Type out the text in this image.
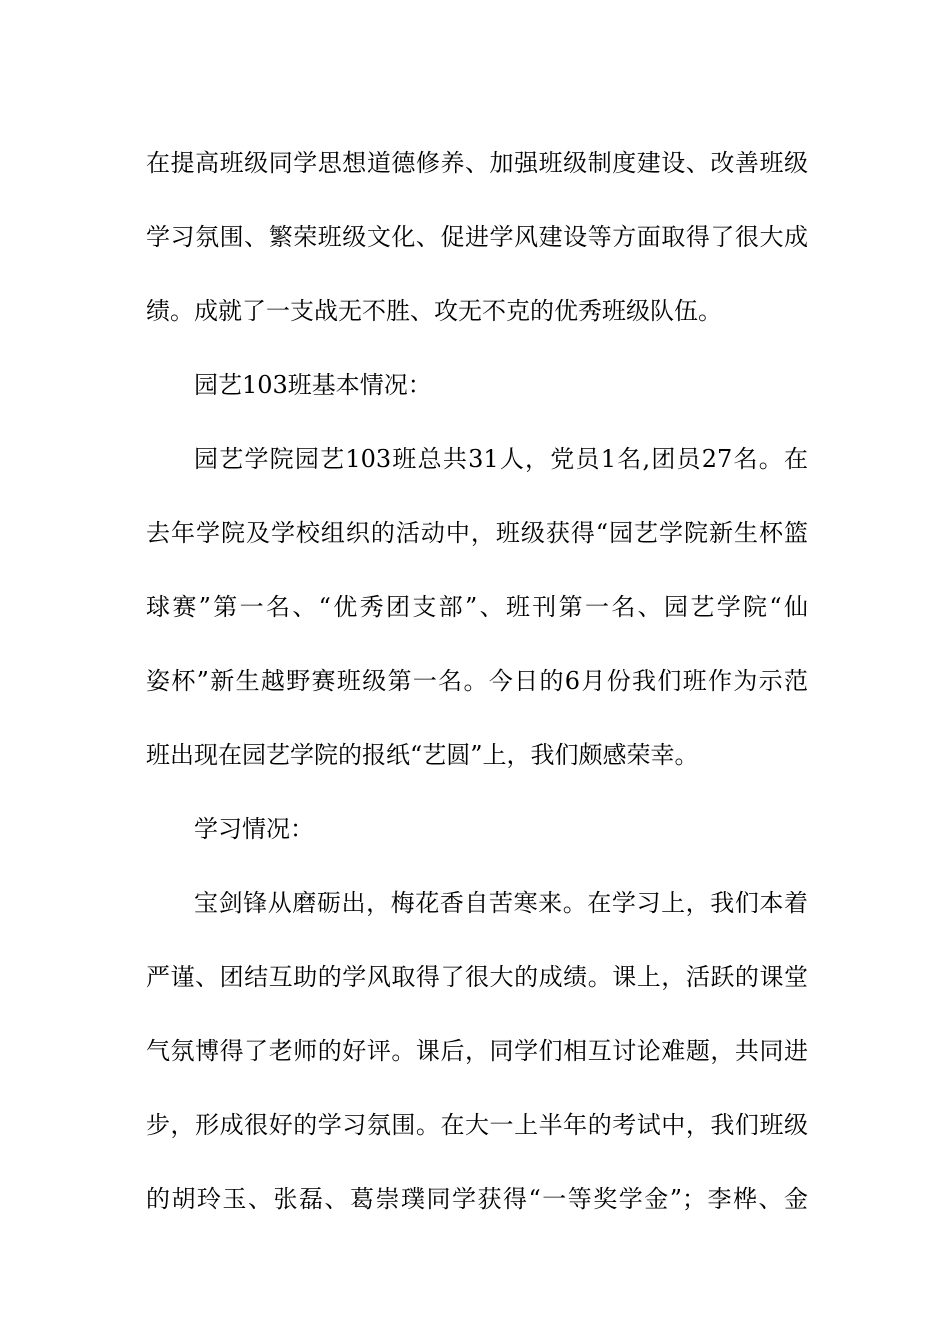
在提高班级同学思想道德修养、加强班级制度建设、改善班级
学习氛围、繁荣班级文化、促进学风建设等方面取得了很大成
绩。成就了一支战无不胜、攻无不克的优秀班级队伍。
园艺103班基本情况：
园艺学院园艺103班总共31人，党员1名,团员27名。在
去年学院及学校组织的活动中，班级获得“园艺学院新生杯篮
球赛”第一名、“优秀团支部”、班刊第一名、园艺学院“仙
姿杯”新生越野赛班级第一名。今日的6月份我们班作为示范
班出现在园艺学院的报纸“艺圆”上，我们颇感荣幸。
学习情况：
宝剑锋从磨砺出，梅花香自苦寒来。在学习上，我们本着
严谨、团结互助的学风取得了很大的成绩。课上，活跃的课堂
气氛博得了老师的好评。课后，同学们相互讨论难题，共同进
步，形成很好的学习氛围。在大一上半年的考试中，我们班级
的胡玲玉、张磊、葛崇璞同学获得“一等奖学金”；李桦、金
